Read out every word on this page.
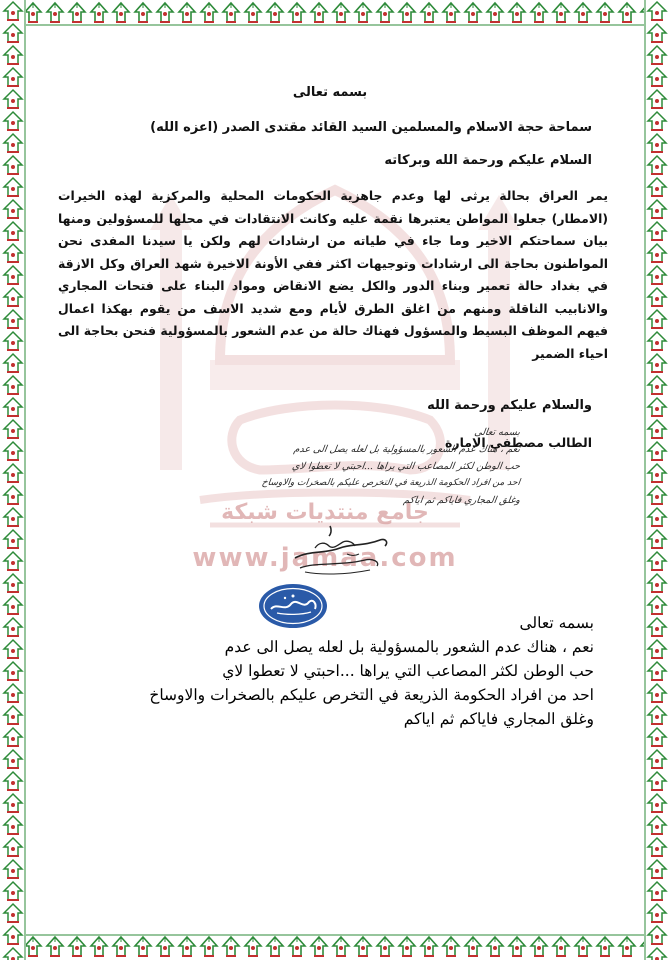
جامع منتديات شبكة
www.jamaa.com
بسمه تعالى
سماحة حجة الاسلام والمسلمين السيد القائد مقتدى الصدر (اعزه الله)
السلام عليكم ورحمة الله وبركاته
يمر العراق بحالة يرثى لها وعدم جاهزية الحكومات المحلية والمركزية لهذه الخيرات (الامطار) جعلوا المواطن يعتبرها نقمة عليه وكانت الانتقادات في محلها للمسؤولين ومنها بيان سماحتكم الاخير وما جاء في طياته من ارشادات لهم ولكن يا سيدنا المفدى نحن المواطنون بحاجة الى ارشادات وتوجيهات اكثر ففي الأونة الاخيرة شهد العراق وكل الازقة في بغداد حالة تعمير وبناء الدور والكل يضع الانقاض ومواد البناء على فتحات المجاري والانابيب الناقلة ومنهم من اغلق الطرق لأيام ومع شديد الاسف من يقوم بهكذا اعمال فيهم الموظف البسيط والمسؤول فهناك حالة من عدم الشعور بالمسؤولية فنحن بحاجة الى احياء الضمير
والسلام عليكم ورحمة الله
الطالب مصطفى الامارة
بسمه تعالى
نعم ، هناك عدم الشعور بالمسؤولية بل لعله يصل الى عدم
حب الوطن لكثر المصاعب التي يراها ...احبتي لا تعطوا لاي
احد من افراد الحكومة الذريعة في التخرص عليكم بالصخرات والاوساخ
وغلق المجاري فاياكم ثم اياكم
بسمه تعالى
نعم ، هناك عدم الشعور بالمسؤولية بل لعله يصل الى عدم
حب الوطن لكثر المصاعب التي يراها ...احبتي لا تعطوا لاي
احد من افراد الحكومة الذريعة في التخرص عليكم بالصخرات والاوساخ
وغلق المجاري فاياكم ثم اياكم
